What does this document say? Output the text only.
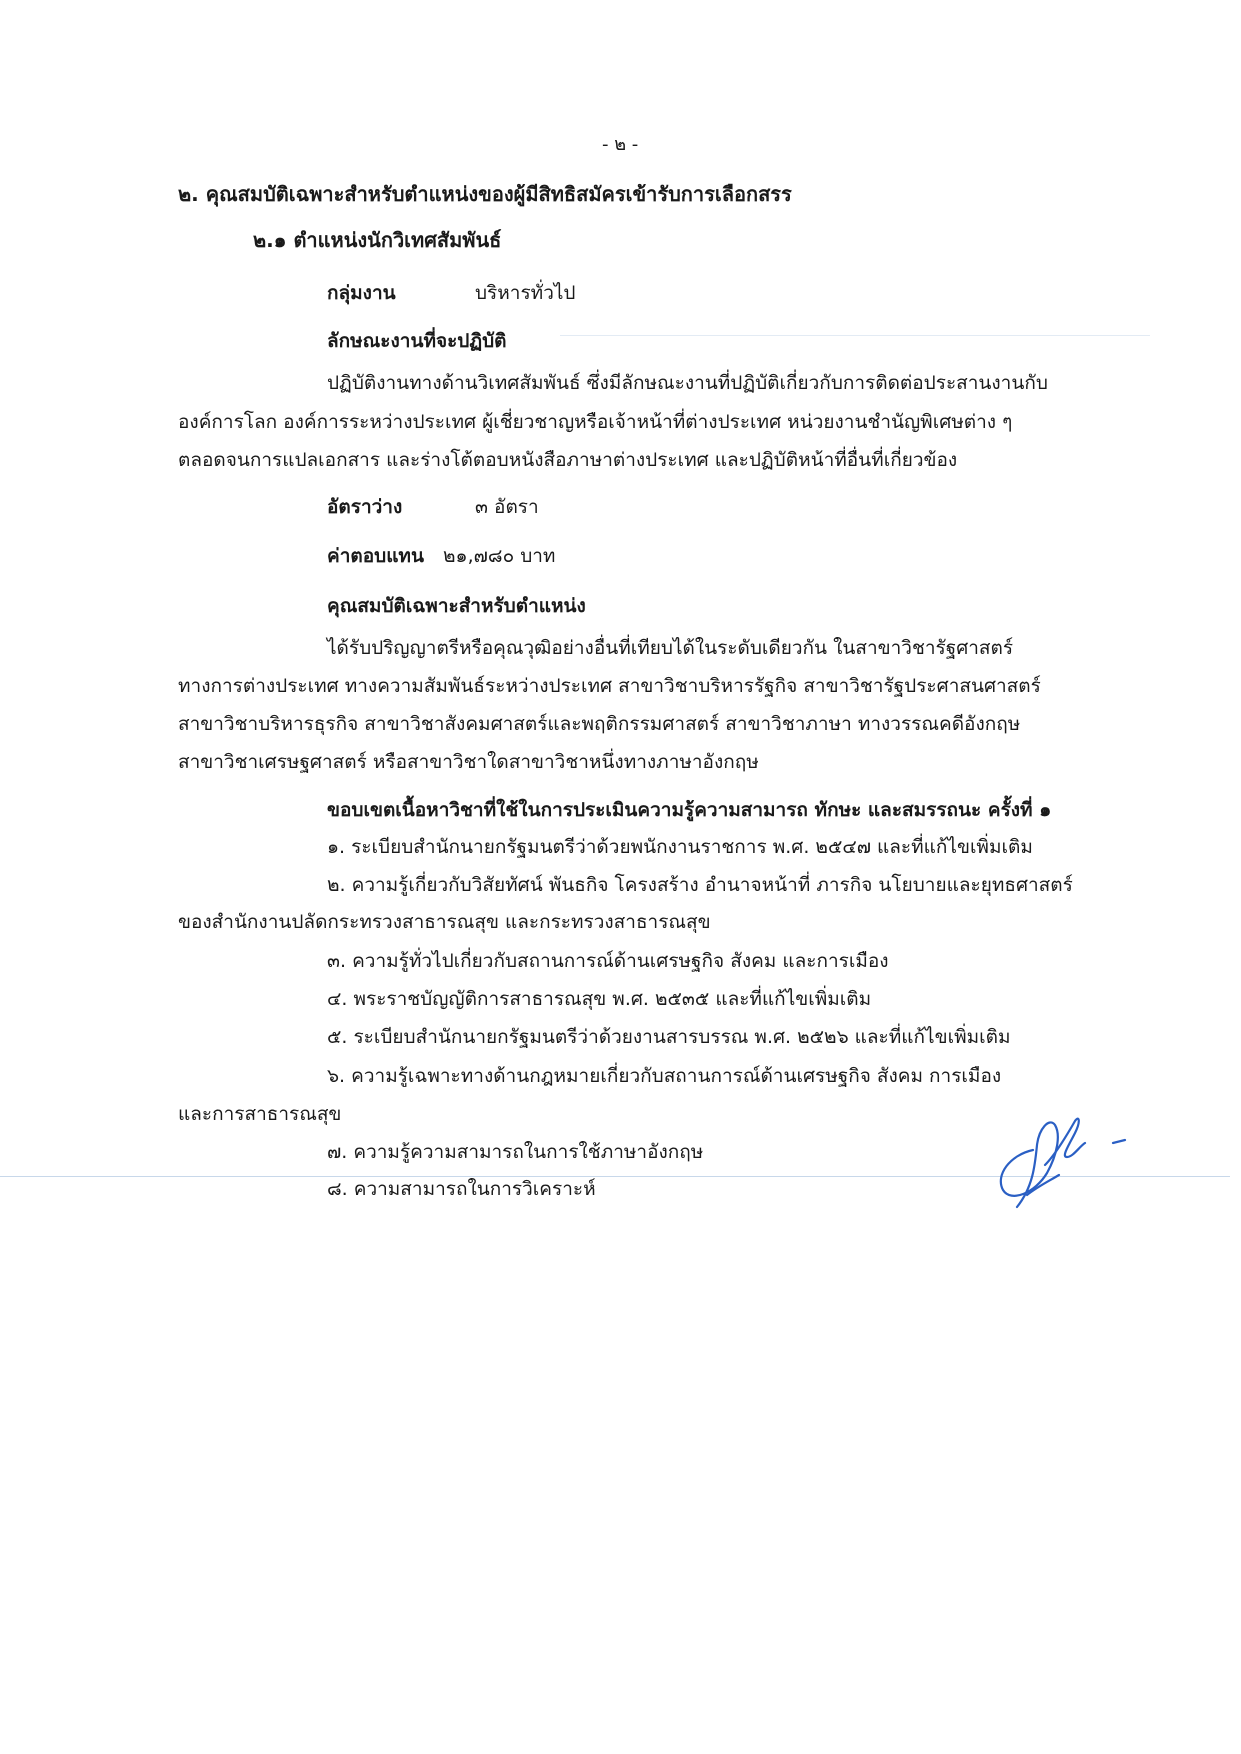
- ๒ -
๒. คุณสมบัติเฉพาะสำหรับตำแหน่งของผู้มีสิทธิสมัครเข้ารับการเลือกสรร
๒.๑ ตำแหน่งนักวิเทศสัมพันธ์
กลุ่มงาน	บริหารทั่วไป
ลักษณะงานที่จะปฏิบัติ
ปฏิบัติงานทางด้านวิเทศสัมพันธ์ ซึ่งมีลักษณะงานที่ปฏิบัติเกี่ยวกับการติดต่อประสานงานกับ
องค์การโลก องค์การระหว่างประเทศ ผู้เชี่ยวชาญหรือเจ้าหน้าที่ต่างประเทศ หน่วยงานชำนัญพิเศษต่าง ๆ
ตลอดจนการแปลเอกสาร และร่างโต้ตอบหนังสือภาษาต่างประเทศ และปฏิบัติหน้าที่อื่นที่เกี่ยวข้อง
อัตราว่าง	๓ อัตรา
ค่าตอบแทน ๒๑,๗๘๐ บาท
คุณสมบัติเฉพาะสำหรับตำแหน่ง
ได้รับปริญญาตรีหรือคุณวุฒิอย่างอื่นที่เทียบได้ในระดับเดียวกัน ในสาขาวิชารัฐศาสตร์
ทางการต่างประเทศ ทางความสัมพันธ์ระหว่างประเทศ สาขาวิชาบริหารรัฐกิจ สาขาวิชารัฐประศาสนศาสตร์
สาขาวิชาบริหารธุรกิจ สาขาวิชาสังคมศาสตร์และพฤติกรรมศาสตร์ สาขาวิชาภาษา ทางวรรณคดีอังกฤษ
สาขาวิชาเศรษฐศาสตร์ หรือสาขาวิชาใดสาขาวิชาหนึ่งทางภาษาอังกฤษ
ขอบเขตเนื้อหาวิชาที่ใช้ในการประเมินความรู้ความสามารถ ทักษะ และสมรรถนะ ครั้งที่ ๑
๑. ระเบียบสำนักนายกรัฐมนตรีว่าด้วยพนักงานราชการ พ.ศ. ๒๕๔๗ และที่แก้ไขเพิ่มเติม
๒. ความรู้เกี่ยวกับวิสัยทัศน์ พันธกิจ โครงสร้าง อำนาจหน้าที่ ภารกิจ นโยบายและยุทธศาสตร์
ของสำนักงานปลัดกระทรวงสาธารณสุข และกระทรวงสาธารณสุข
๓. ความรู้ทั่วไปเกี่ยวกับสถานการณ์ด้านเศรษฐกิจ สังคม และการเมือง
๔. พระราชบัญญัติการสาธารณสุข พ.ศ. ๒๕๓๕ และที่แก้ไขเพิ่มเติม
๕. ระเบียบสำนักนายกรัฐมนตรีว่าด้วยงานสารบรรณ พ.ศ. ๒๕๒๖ และที่แก้ไขเพิ่มเติม
๖. ความรู้เฉพาะทางด้านกฎหมายเกี่ยวกับสถานการณ์ด้านเศรษฐกิจ สังคม การเมือง
และการสาธารณสุข
๗. ความรู้ความสามารถในการใช้ภาษาอังกฤษ
๘. ความสามารถในการวิเคราะห์
